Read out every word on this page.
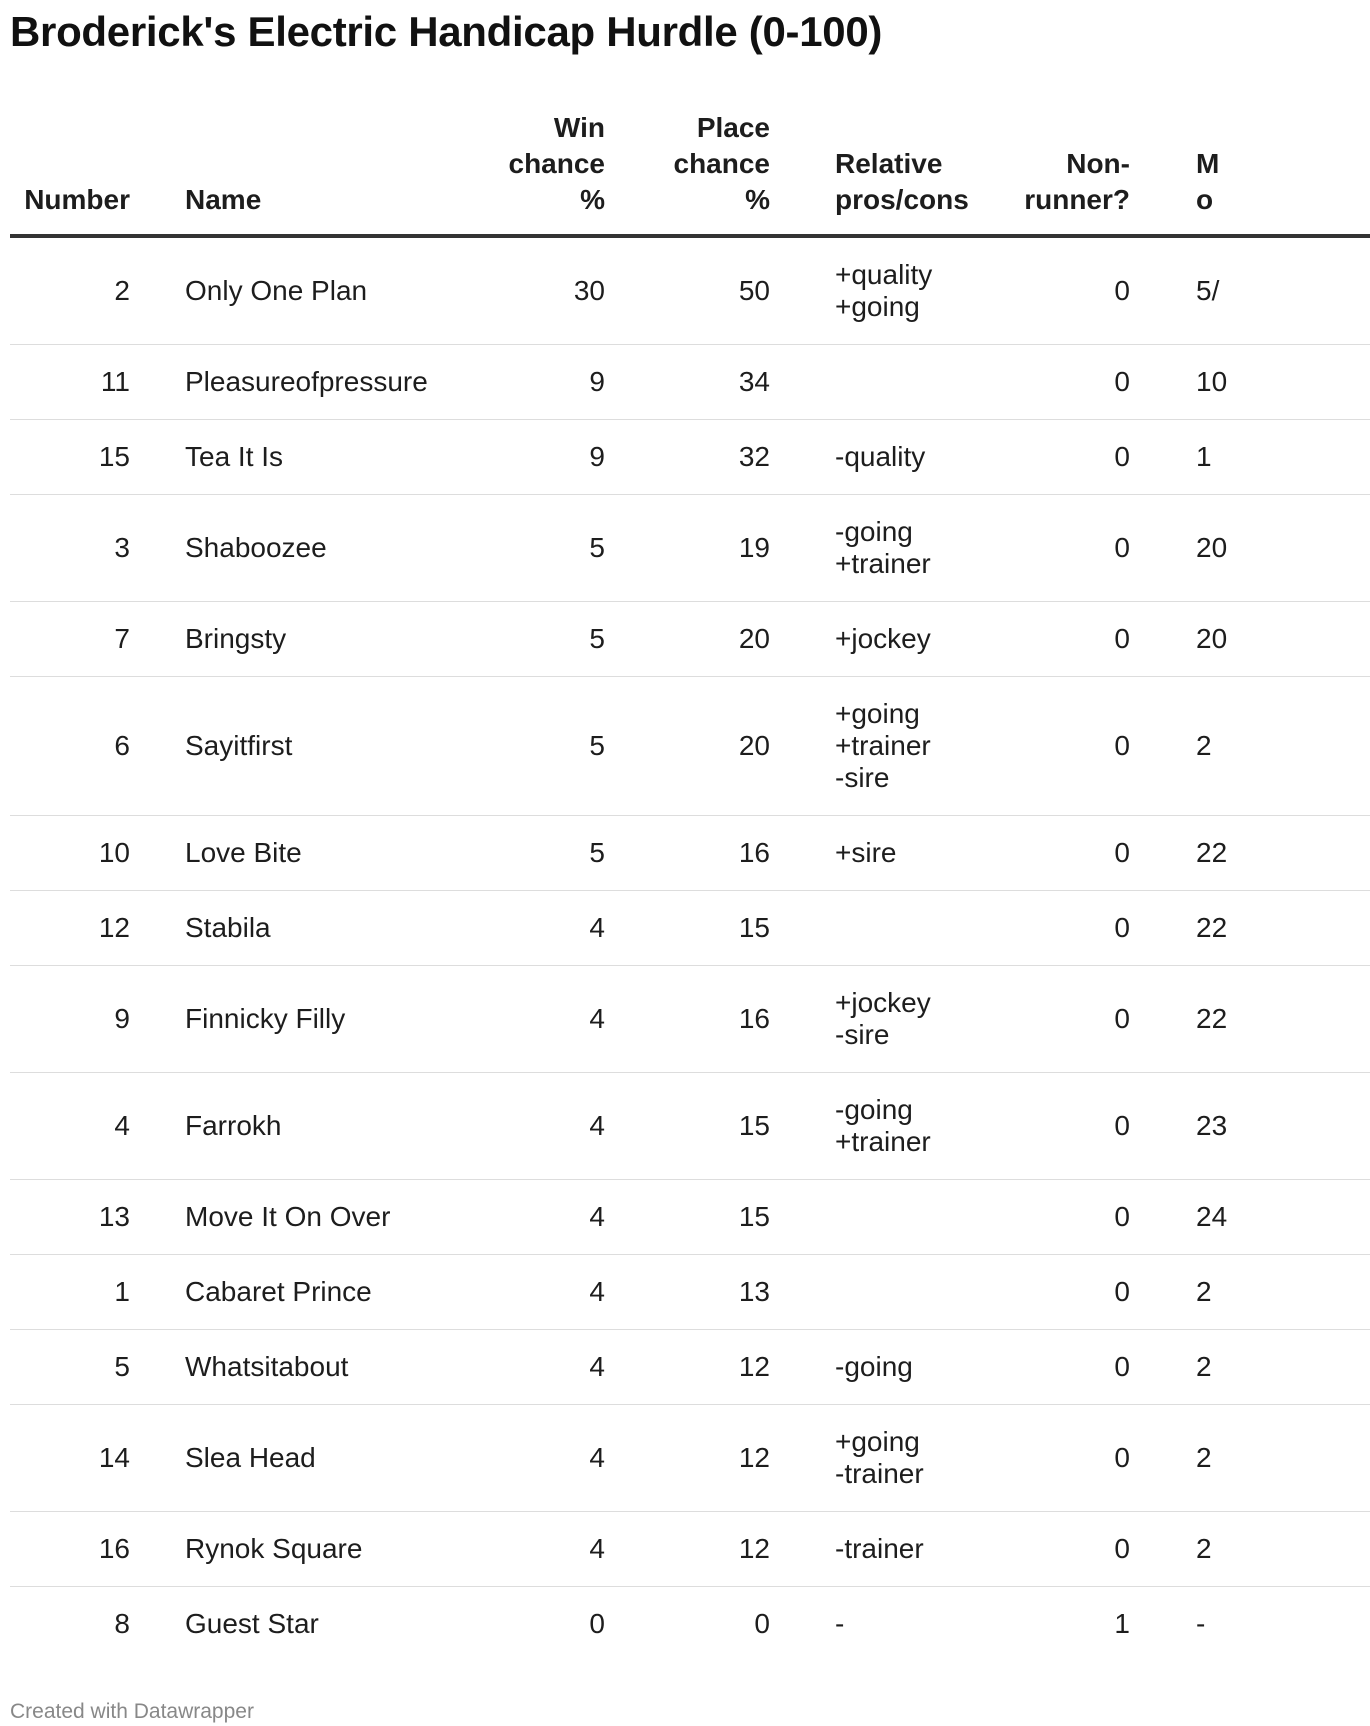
Broderick's Electric Handicap Hurdle (0-100)
Number	Name	Win
chance
%	Place
chance
%	Relative
pros/cons	Non-
runner?	M
o
2	Only One Plan	30	50	+quality
+going	0	5/
11	Pleasureofpressure	9	34		0	10
15	Tea It Is	9	32	-quality	0	1
3	Shaboozee	5	19	-going
+trainer	0	20
7	Bringsty	5	20	+jockey	0	20
6	Sayitfirst	5	20	+going
+trainer
-sire	0	2
10	Love Bite	5	16	+sire	0	22
12	Stabila	4	15		0	22
9	Finnicky Filly	4	16	+jockey
-sire	0	22
4	Farrokh	4	15	-going
+trainer	0	23
13	Move It On Over	4	15		0	24
1	Cabaret Prince	4	13		0	2
5	Whatsitabout	4	12	-going	0	2
14	Slea Head	4	12	+going
-trainer	0	2
16	Rynok Square	4	12	-trainer	0	2
8	Guest Star	0	0	-	1	-
Created with Datawrapper
